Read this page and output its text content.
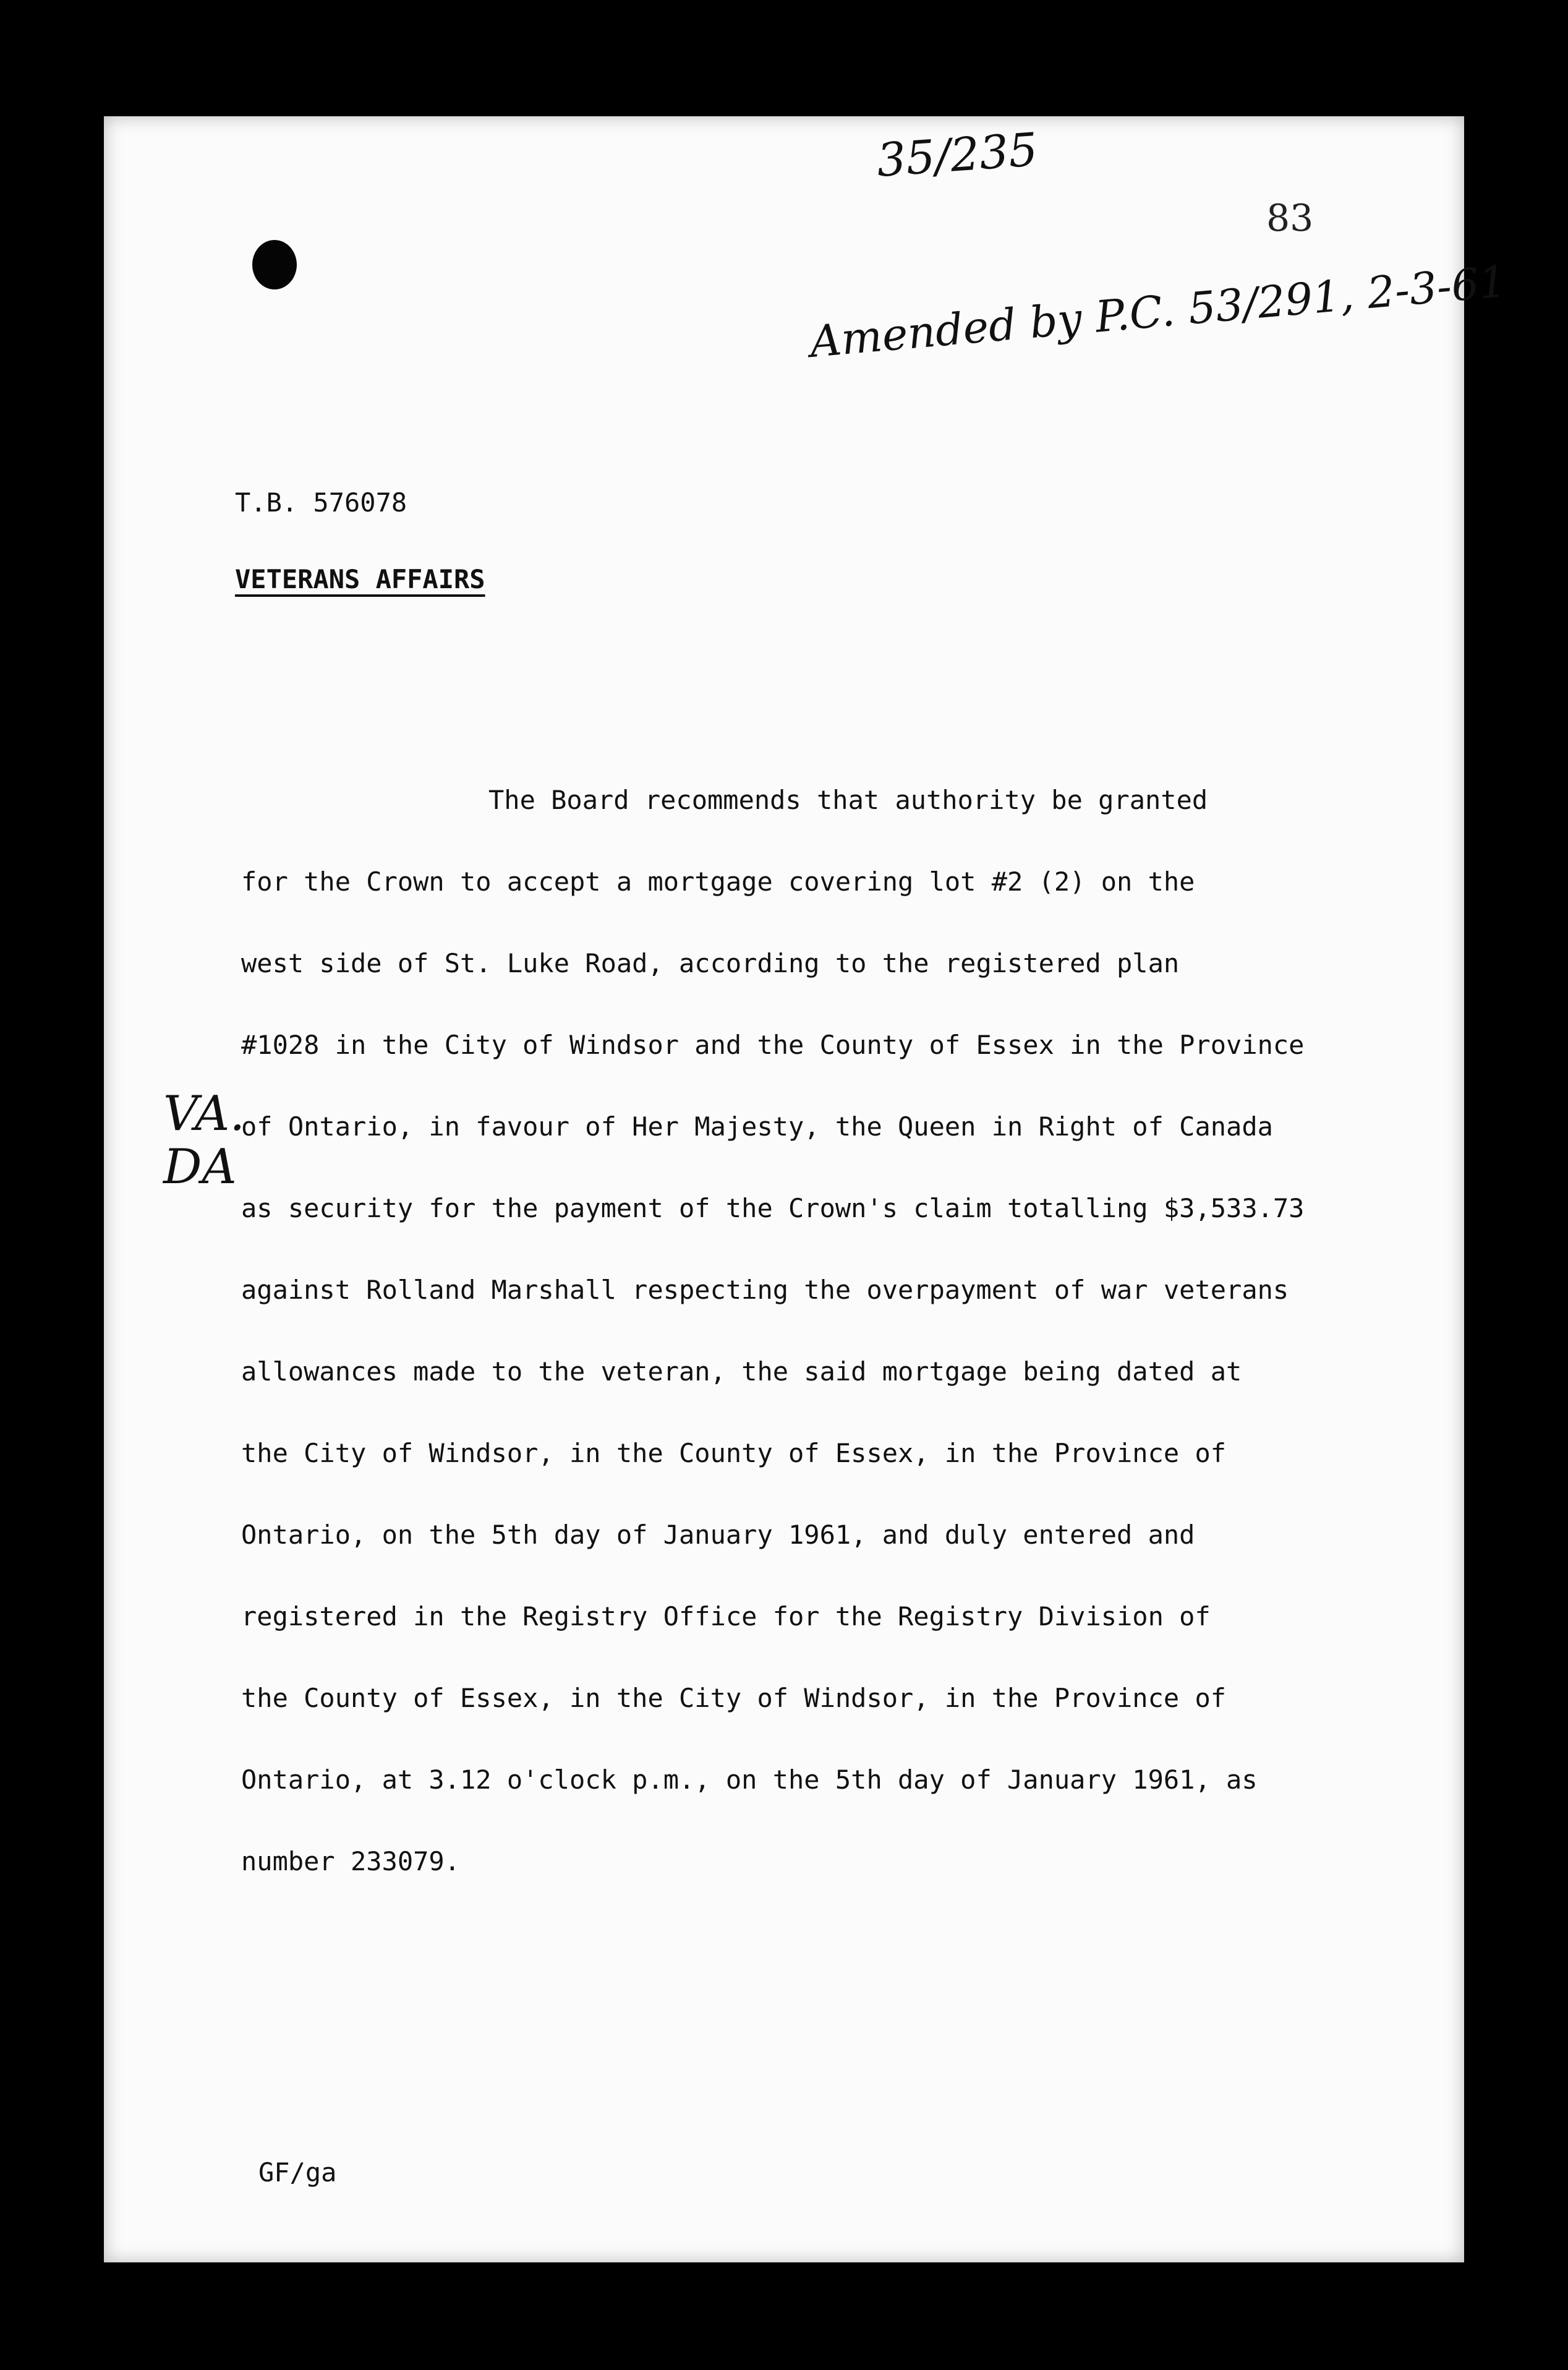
35/235
83
Amended by P.C. 53/291, 2-3-61
T.B. 576078
VETERANS AFFAIRS
VA. DA
The Board recommends that authority be granted
for the Crown to accept a mortgage covering lot #2 (2) on the
west side of St. Luke Road, according to the registered plan
#1028 in the City of Windsor and the County of Essex in the Province
of Ontario, in favour of Her Majesty, the Queen in Right of Canada
as security for the payment of the Crown's claim totalling $3,533.73
against Rolland Marshall respecting the overpayment of war veterans
allowances made to the veteran, the said mortgage being dated at
the City of Windsor, in the County of Essex, in the Province of
Ontario, on the 5th day of January 1961, and duly entered and
registered in the Registry Office for the Registry Division of
the County of Essex, in the City of Windsor, in the Province of
Ontario, at 3.12 o'clock p.m., on the 5th day of January 1961, as
number 233079.
GF/ga
